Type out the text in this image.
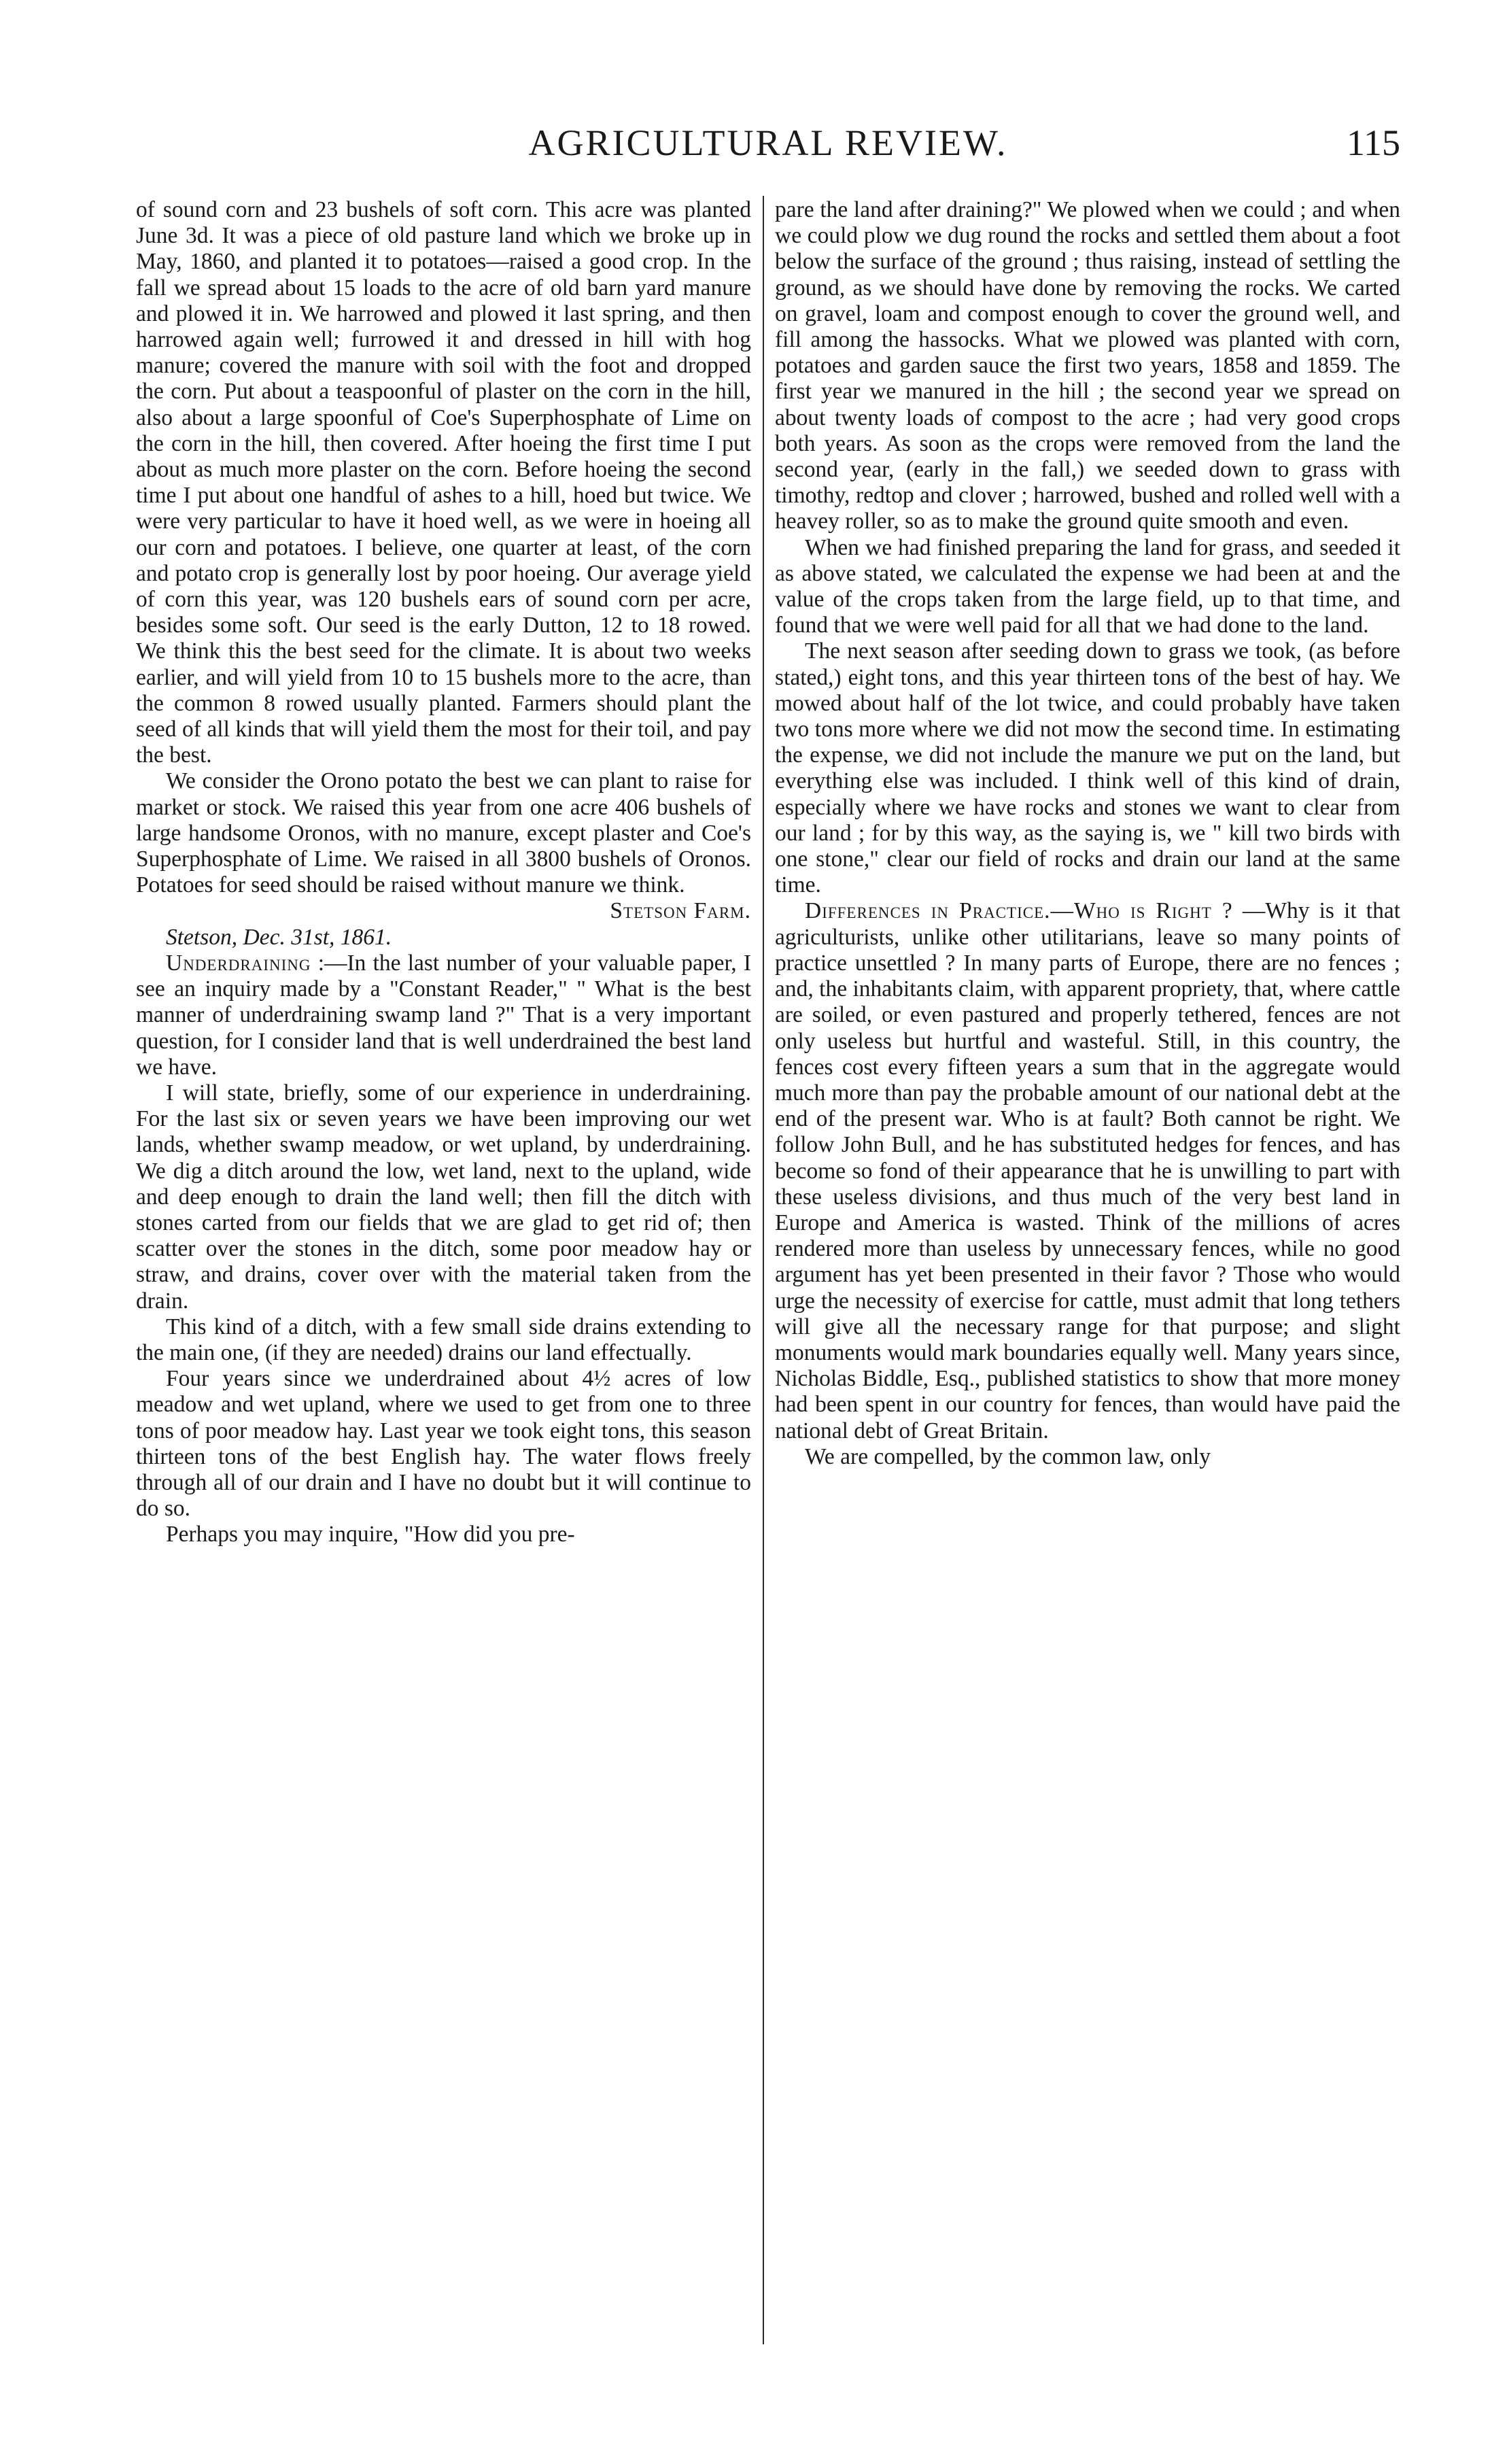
AGRICULTURAL REVIEW.	115

of sound corn and 23 bushels of soft corn. This acre was planted June 3d. It was a piece of old pasture land which we broke up in May, 1860, and planted it to potatoes—raised a good crop. In the fall we spread about 15 loads to the acre of old barn yard manure and plowed it in. We harrowed and plowed it last spring, and then harrowed again well; furrowed it and dressed in hill with hog manure; covered the manure with soil with the foot and dropped the corn. Put about a teaspoonful of plaster on the corn in the hill, also about a large spoonful of Coe's Superphosphate of Lime on the corn in the hill, then covered. After hoeing the first time I put about as much more plaster on the corn. Before hoeing the second time I put about one handful of ashes to a hill, hoed but twice. We were very particular to have it hoed well, as we were in hoeing all our corn and potatoes. I believe, one quarter at least, of the corn and potato crop is generally lost by poor hoeing. Our average yield of corn this year, was 120 bushels ears of sound corn per acre, besides some soft. Our seed is the early Dutton, 12 to 18 rowed. We think this the best seed for the climate. It is about two weeks earlier, and will yield from 10 to 15 bushels more to the acre, than the common 8 rowed usually planted. Farmers should plant the seed of all kinds that will yield them the most for their toil, and pay the best.

We consider the Orono potato the best we can plant to raise for market or stock. We raised this year from one acre 406 bushels of large handsome Oronos, with no manure, except plaster and Coe's Superphosphate of Lime. We raised in all 3800 bushels of Oronos. Potatoes for seed should be raised without manure we think.
Stetson Farm.

Stetson, Dec. 31st, 1861.

Underdraining :—In the last number of your valuable paper, I see an inquiry made by a "Constant Reader," " What is the best manner of underdraining swamp land ?" That is a very important question, for I consider land that is well underdrained the best land we have.

I will state, briefly, some of our experience in underdraining. For the last six or seven years we have been improving our wet lands, whether swamp meadow, or wet upland, by underdraining. We dig a ditch around the low, wet land, next to the upland, wide and deep enough to drain the land well; then fill the ditch with stones carted from our fields that we are glad to get rid of; then scatter over the stones in the ditch, some poor meadow hay or straw, and drains, cover over with the material taken from the drain.

This kind of a ditch, with a few small side drains extending to the main one, (if they are needed) drains our land effectually.

Four years since we underdrained about 4½ acres of low meadow and wet upland, where we used to get from one to three tons of poor meadow hay. Last year we took eight tons, this season thirteen tons of the best English hay. The water flows freely through all of our drain and I have no doubt but it will continue to do so.

Perhaps you may inquire, "How did you pre-

pare the land after draining?" We plowed when we could ; and when we could plow we dug round the rocks and settled them about a foot below the surface of the ground ; thus raising, instead of settling the ground, as we should have done by removing the rocks. We carted on gravel, loam and compost enough to cover the ground well, and fill among the hassocks. What we plowed was planted with corn, potatoes and garden sauce the first two years, 1858 and 1859. The first year we manured in the hill ; the second year we spread on about twenty loads of compost to the acre ; had very good crops both years. As soon as the crops were removed from the land the second year, (early in the fall,) we seeded down to grass with timothy, redtop and clover ; harrowed, bushed and rolled well with a heavey roller, so as to make the ground quite smooth and even.

When we had finished preparing the land for grass, and seeded it as above stated, we calculated the expense we had been at and the value of the crops taken from the large field, up to that time, and found that we were well paid for all that we had done to the land.

The next season after seeding down to grass we took, (as before stated,) eight tons, and this year thirteen tons of the best of hay. We mowed about half of the lot twice, and could probably have taken two tons more where we did not mow the second time. In estimating the expense, we did not include the manure we put on the land, but everything else was included. I think well of this kind of drain, especially where we have rocks and stones we want to clear from our land ; for by this way, as the saying is, we " kill two birds with one stone," clear our field of rocks and drain our land at the same time.

Differences in Practice.—Who is Right ? —Why is it that agriculturists, unlike other utilitarians, leave so many points of practice unsettled ? In many parts of Europe, there are no fences ; and, the inhabitants claim, with apparent propriety, that, where cattle are soiled, or even pastured and properly tethered, fences are not only useless but hurtful and wasteful. Still, in this country, the fences cost every fifteen years a sum that in the aggregate would much more than pay the probable amount of our national debt at the end of the present war. Who is at fault? Both cannot be right. We follow John Bull, and he has substituted hedges for fences, and has become so fond of their appearance that he is unwilling to part with these useless divisions, and thus much of the very best land in Europe and America is wasted. Think of the millions of acres rendered more than useless by unnecessary fences, while no good argument has yet been presented in their favor ? Those who would urge the necessity of exercise for cattle, must admit that long tethers will give all the necessary range for that purpose; and slight monuments would mark boundaries equally well. Many years since, Nicholas Biddle, Esq., published statistics to show that more money had been spent in our country for fences, than would have paid the national debt of Great Britain.

We are compelled, by the common law, only
